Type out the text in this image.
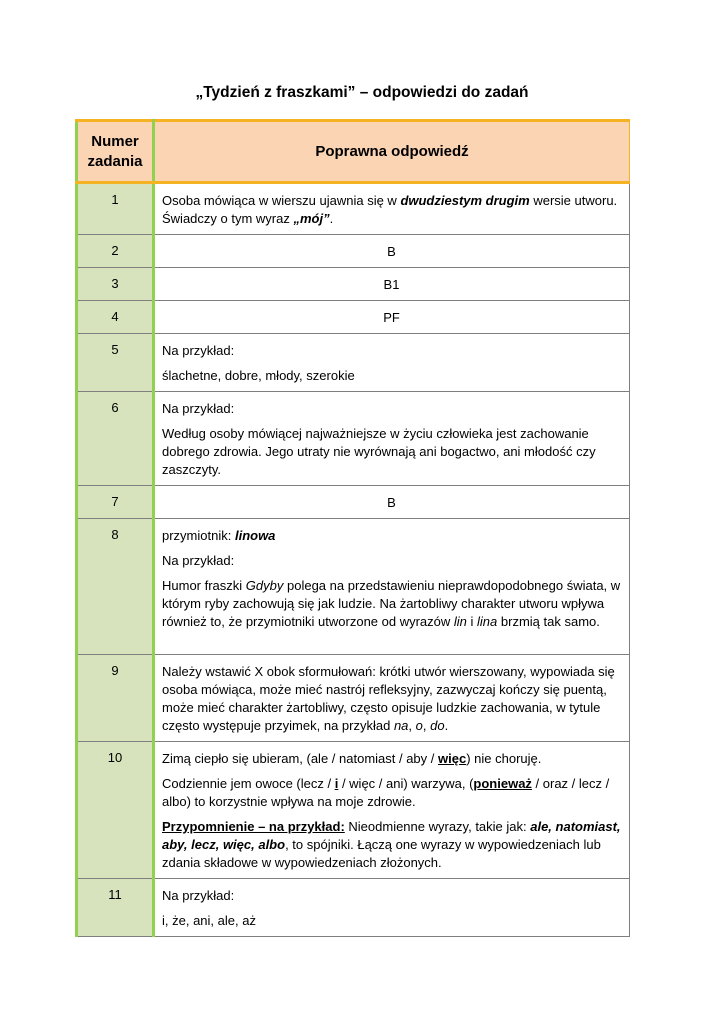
„Tydzień z fraszkami” – odpowiedzi do zadań
Numer zadania	Poprawna odpowiedź
1	Osoba mówiąca w wierszu ujawnia się w dwudziestym drugim wersie utworu. Świadczy o tym wyraz „mój”.
2	B
3	B1
4	PF
5	Na przykład:

ślachetne, dobre, młody, szerokie

6	Na przykład:

Według osoby mówiącej najważniejsze w życiu człowieka jest zachowanie dobrego zdrowia. Jego utraty nie wyrównają ani bogactwo, ani młodość czy zaszczyty.

7	B
8	przymiotnik: linowa

Na przykład:

Humor fraszki Gdyby polega na przedstawieniu nieprawdopodobnego świata, w którym ryby zachowują się jak ludzie. Na żartobliwy charakter utworu wpływa również to, że przymiotniki utworzone od wyrazów lin i lina brzmią tak samo.

9	Należy wstawić X obok sformułowań: krótki utwór wierszowany, wypowiada się osoba mówiąca, może mieć nastrój refleksyjny, zazwyczaj kończy się puentą, może mieć charakter żartobliwy, często opisuje ludzkie zachowania, w tytule często występuje przyimek, na przykład na, o, do.
10	Zimą ciepło się ubieram, (ale / natomiast / aby / więc) nie choruję.

Codziennie jem owoce (lecz / i / więc / ani) warzywa, (ponieważ / oraz / lecz / albo) to korzystnie wpływa na moje zdrowie.

Przypomnienie – na przykład: Nieodmienne wyrazy, takie jak: ale, natomiast, aby, lecz, więc, albo, to spójniki. Łączą one wyrazy w wypowiedzeniach lub zdania składowe w wypowiedzeniach złożonych.

11	Na przykład:

i, że, ani, ale, aż
